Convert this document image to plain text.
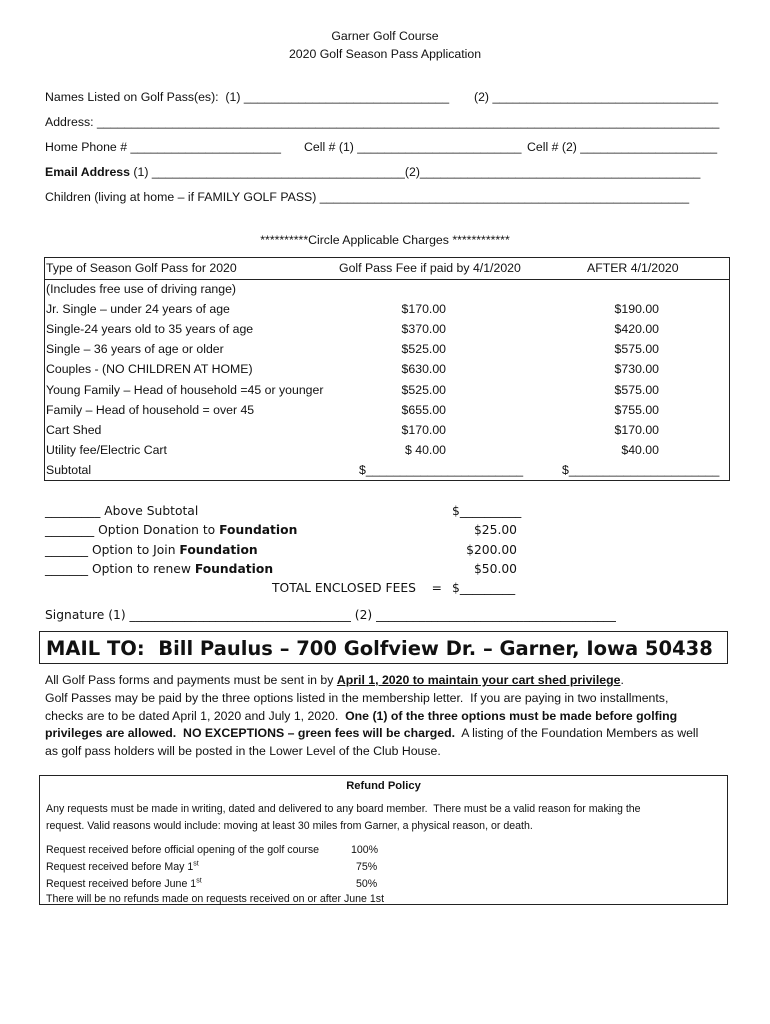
Garner Golf Course
2020 Golf Season Pass Application
Names Listed on Golf Pass(es):  (1) ______________________________ (2) _________________________________
Address: ___________________________________________________________________________________________
Home Phone # ______________________ Cell # (1) ________________________ Cell # (2) ____________________
Email Address (1) _____________________________________(2)_________________________________________
Children (living at home – if FAMILY GOLF PASS) ______________________________________________________
**********Circle Applicable Charges ************
Type of Season Golf Pass for 2020	Golf Pass Fee if paid by 4/1/2020	AFTER 4/1/2020
(Includes free use of driving range)
Jr. Single – under 24 years of age	$170.00	$190.00
Single-24 years old to 35 years of age	$370.00	$420.00
Single – 36 years of age or older	$525.00	$575.00
Couples - (NO CHILDREN AT HOME)	$630.00	$730.00
Young Family – Head of household =45 or younger	$525.00	$575.00
Family – Head of household = over 45	$655.00	$755.00
Cart Shed	$170.00	$170.00
Utility fee/Electric Cart	$ 40.00	$40.00
Subtotal	$_______________________	$______________________
_________ Above Subtotal	$__________
________ Option Donation to Foundation	$25.00
_______ Option to Join Foundation	$200.00
_______ Option to renew Foundation	$50.00
TOTAL ENCLOSED FEES    = $_________
Signature (1) ____________________________________ (2) _______________________________________
MAIL TO:  Bill Paulus – 700 Golfview Dr. – Garner, Iowa 50438
All Golf Pass forms and payments must be sent in by April 1, 2020 to maintain your cart shed privilege.
Golf Passes may be paid by the three options listed in the membership letter.  If you are paying in two installments,
checks are to be dated April 1, 2020 and July 1, 2020.  One (1) of the three options must be made before golfing
privileges are allowed.  NO EXCEPTIONS – green fees will be charged.  A listing of the Foundation Members as well
as golf pass holders will be posted in the Lower Level of the Club House.
Refund Policy
Any requests must be made in writing, dated and delivered to any board member.  There must be a valid reason for making the
request. Valid reasons would include: moving at least 30 miles from Garner, a physical reason, or death.
Request received before official opening of the golf course	100%
Request received before May 1st	75%
Request received before June 1st	50%
There will be no refunds made on requests received on or after June 1st
